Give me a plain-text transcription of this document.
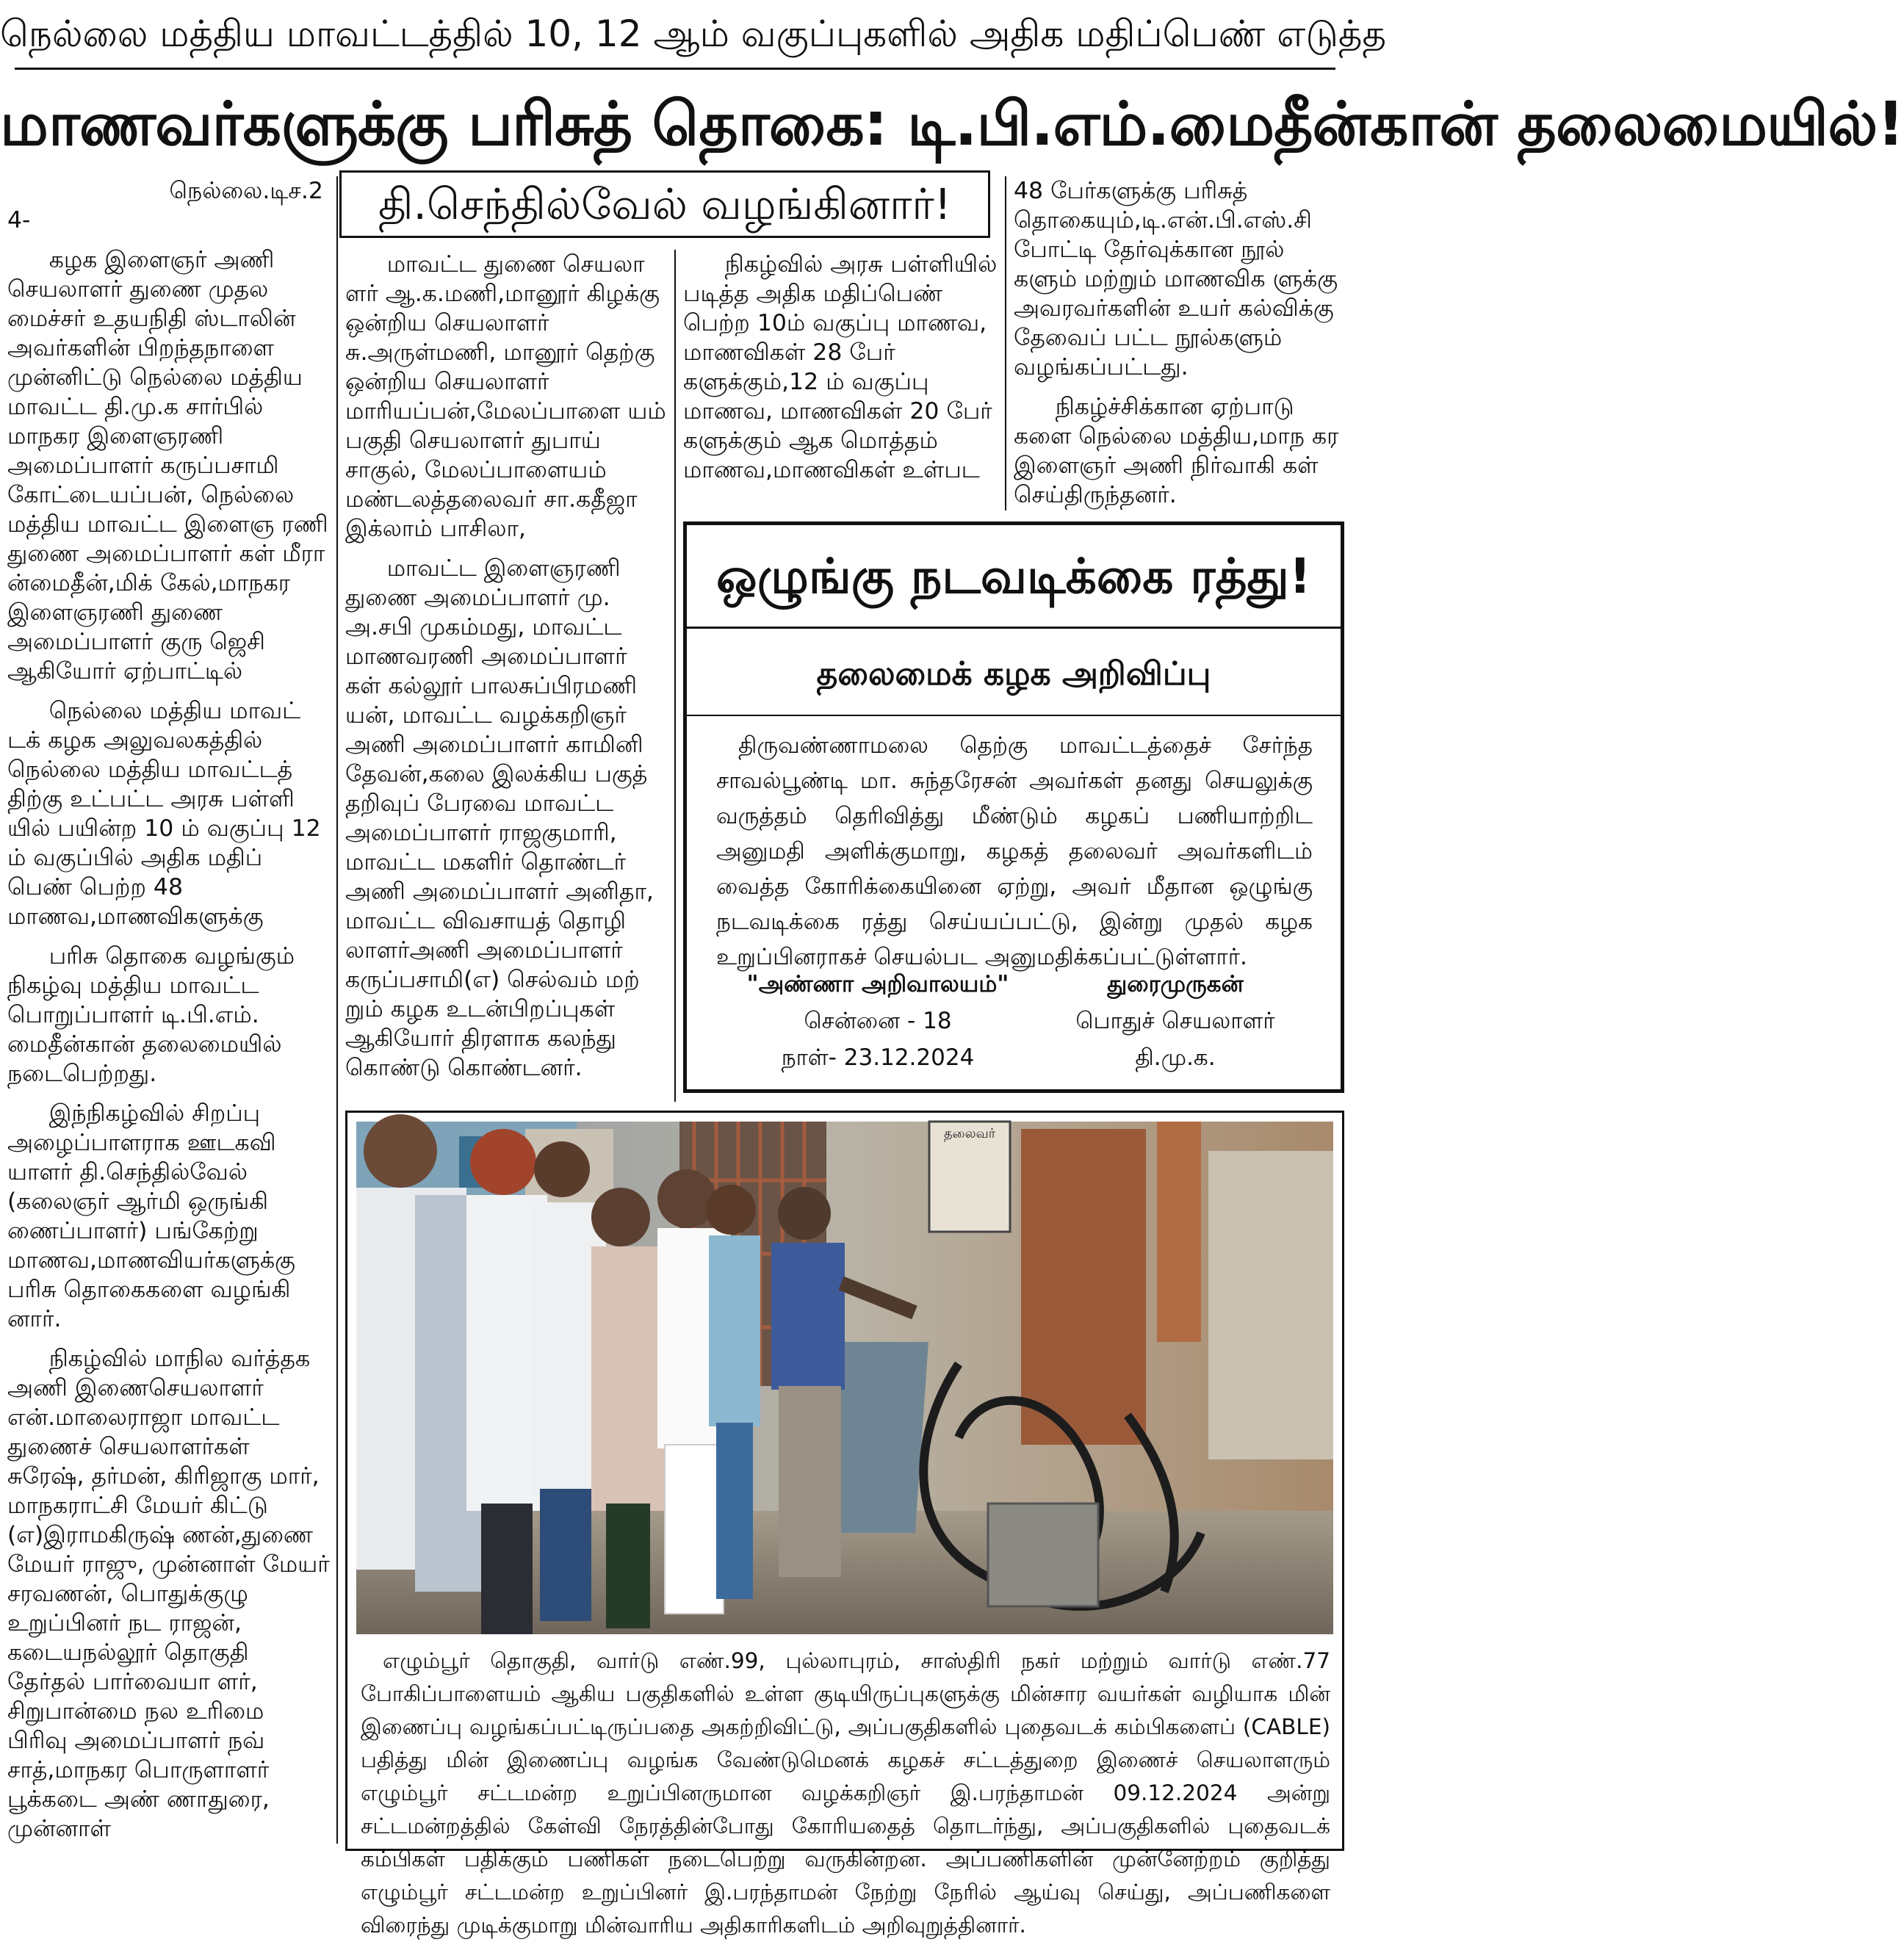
நெல்லை மத்திய மாவட்டத்தில் 10, 12 ஆம் வகுப்புகளில் அதிக மதிப்பெண் எடுத்த
மாணவர்களுக்கு பரிசுத் தொகை: டி.பி.எம்.மைதீன்கான் தலைமையில்!
தி.செந்தில்வேல் வழங்கினார்!

நெல்லை.டிச.24-

கழக இளைஞர் அணி செயலாளர் துணை முதல மைச்சர் உதயநிதி ஸ்டாலின் அவர்களின் பிறந்தநாளை முன்னிட்டு நெல்லை மத்திய மாவட்ட தி.மு.க சார்பில் மாநகர இளைஞரணி அமைப்பாளர் கருப்பசாமி கோட்டையப்பன், நெல்லை மத்திய மாவட்ட இளைஞ ரணி துணை அமைப்பாளர் கள் மீரா ன்மைதீன்,மிக் கேல்,மாநகர இளைஞரணி துணை அமைப்பாளர் குரு ஜெசி ஆகியோர் ஏற்பாட்டில்

நெல்லை மத்திய மாவட் டக் கழக அலுவலகத்தில் நெல்லை மத்திய மாவட்டத் திற்கு உட்பட்ட அரசு பள்ளி யில் பயின்ற 10 ம் வகுப்பு 12 ம் வகுப்பில் அதிக மதிப் பெண் பெற்ற 48 மாணவ,மாணவிகளுக்கு

பரிசு தொகை வழங்கும் நிகழ்வு மத்திய மாவட்ட பொறுப்பாளர் டி.பி.எம். மைதீன்கான் தலைமையில் நடைபெற்றது.

இந்நிகழ்வில் சிறப்பு அழைப்பாளராக ஊடகவி யாளர் தி.செந்தில்வேல் (கலைஞர் ஆர்மி ஒருங்கி ணைப்பாளர்) பங்கேற்று மாணவ,மாணவியர்களுக்கு பரிசு தொகைகளை வழங்கி னார்.

நிகழ்வில் மாநில வர்த்தக அணி இணைசெயலாளர் என்.மாலைராஜா மாவட்ட துணைச் செயலாளர்கள் சுரேஷ், தர்மன், கிரிஜாகு மார், மாநகராட்சி மேயர் கிட்டு (எ)இராமகிருஷ் ணன்,துணை மேயர் ராஜு, முன்னாள் மேயர் சரவணன், பொதுக்குழு உறுப்பினர் நட ராஜன், கடையநல்லூர் தொகுதி தேர்தல் பார்வையா ளர், சிறுபான்மை நல உரிமை பிரிவு அமைப்பாளர் நவ் சாத்,மாநகர பொருளாளர் பூக்கடை அண் ணாதுரை, முன்னாள்

மாவட்ட துணை செயலா ளர் ஆ.க.மணி,மானூர் கிழக்கு ஒன்றிய செயலாளர் சு.அருள்மணி, மானூர் தெற்கு ஒன்றிய செயலாளர் மாரியப்பன்,மேலப்பாளை யம் பகுதி செயலாளர் துபாய் சாகுல், மேலப்பாளையம் மண்டலத்தலைவர் சா.கதீஜா இக்லாம் பாசிலா,

மாவட்ட இளைஞரணி துணை அமைப்பாளர் மு. அ.சபி முகம்மது, மாவட்ட மாணவரணி அமைப்பாளர் கள் கல்லூர் பாலசுப்பிரமணி யன், மாவட்ட வழக்கறிஞர் அணி அமைப்பாளர் காமினி தேவன்,கலை இலக்கிய பகுத் தறிவுப் பேரவை மாவட்ட அமைப்பாளர் ராஜகுமாரி, மாவட்ட மகளிர் தொண்டர் அணி அமைப்பாளர் அனிதா, மாவட்ட விவசாயத் தொழி லாளர்அணி அமைப்பாளர் கருப்பசாமி(எ) செல்வம் மற் றும் கழக உடன்பிறப்புகள் ஆகியோர் திரளாக கலந்து கொண்டு கொண்டனர்.

நிகழ்வில் அரசு பள்ளியில் படித்த அதிக மதிப்பெண் பெற்ற 10ம் வகுப்பு மாணவ, மாணவிகள் 28 பேர் களுக்கும்,12 ம் வகுப்பு மாணவ, மாணவிகள் 20 பேர் களுக்கும் ஆக மொத்தம் மாணவ,மாணவிகள் உள்பட

48 பேர்களுக்கு பரிசுத் தொகையும்,டி.என்.பி.எஸ்.சி போட்டி தேர்வுக்கான நூல் களும் மற்றும் மாணவிக ளுக்கு அவரவர்களின் உயர் கல்விக்கு தேவைப் பட்ட நூல்களும் வழங்கப்பட்டது.

நிகழ்ச்சிக்கான ஏற்பாடு களை நெல்லை மத்திய,மாந கர இளைஞர் அணி நிர்வாகி கள் செய்திருந்தனர்.

ஒழுங்கு நடவடிக்கை ரத்து!
தலைமைக் கழக அறிவிப்பு
திருவண்ணாமலை தெற்கு மாவட்டத்தைச் சேர்ந்த சாவல்பூண்டி மா. சுந்தரேசன் அவர்கள் தனது செயலுக்கு வருத்தம் தெரிவித்து மீண்டும் கழகப் பணியாற்றிட அனுமதி அளிக்குமாறு, கழகத் தலைவர் அவர்களிடம் வைத்த கோரிக்கையினை ஏற்று, அவர் மீதான ஒழுங்கு நடவடிக்கை ரத்து செய்யப்பட்டு, இன்று முதல் கழக உறுப்பினராகச் செயல்பட அனுமதிக்கப்பட்டுள்ளார்.
"அண்ணா அறிவாலயம்"
சென்னை - 18
நாள்- 23.12.2024
துரைமுருகன்
பொதுச் செயலாளர்
தி.மு.க.
தலைவர்
எழும்பூர் தொகுதி, வார்டு எண்.99, புல்லாபுரம், சாஸ்திரி நகர் மற்றும் வார்டு எண்.77 போகிப்பாளையம் ஆகிய பகுதிகளில் உள்ள குடியிருப்புகளுக்கு மின்சார வயர்கள் வழியாக மின் இணைப்பு வழங்கப்பட்டிருப்பதை அகற்றிவிட்டு, அப்பகுதிகளில் புதைவடக் கம்பிகளைப் (CABLE) பதித்து மின் இணைப்பு வழங்க வேண்டுமெனக் கழகச் சட்டத்துறை இணைச் செயலாளரும் எழும்பூர் சட்டமன்ற உறுப்பினருமான வழக்கறிஞர் இ.பரந்தாமன் 09.12.2024 அன்று சட்டமன்றத்தில் கேள்வி நேரத்தின்போது கோரியதைத் தொடர்ந்து, அப்பகுதிகளில் புதைவடக் கம்பிகள் பதிக்கும் பணிகள் நடைபெற்று வருகின்றன. அப்பணிகளின் முன்னேற்றம் குறித்து எழும்பூர் சட்டமன்ற உறுப்பினர் இ.பரந்தாமன் நேற்று நேரில் ஆய்வு செய்து, அப்பணிகளை விரைந்து முடிக்குமாறு மின்வாரிய அதிகாரிகளிடம் அறிவுறுத்தினார்.
